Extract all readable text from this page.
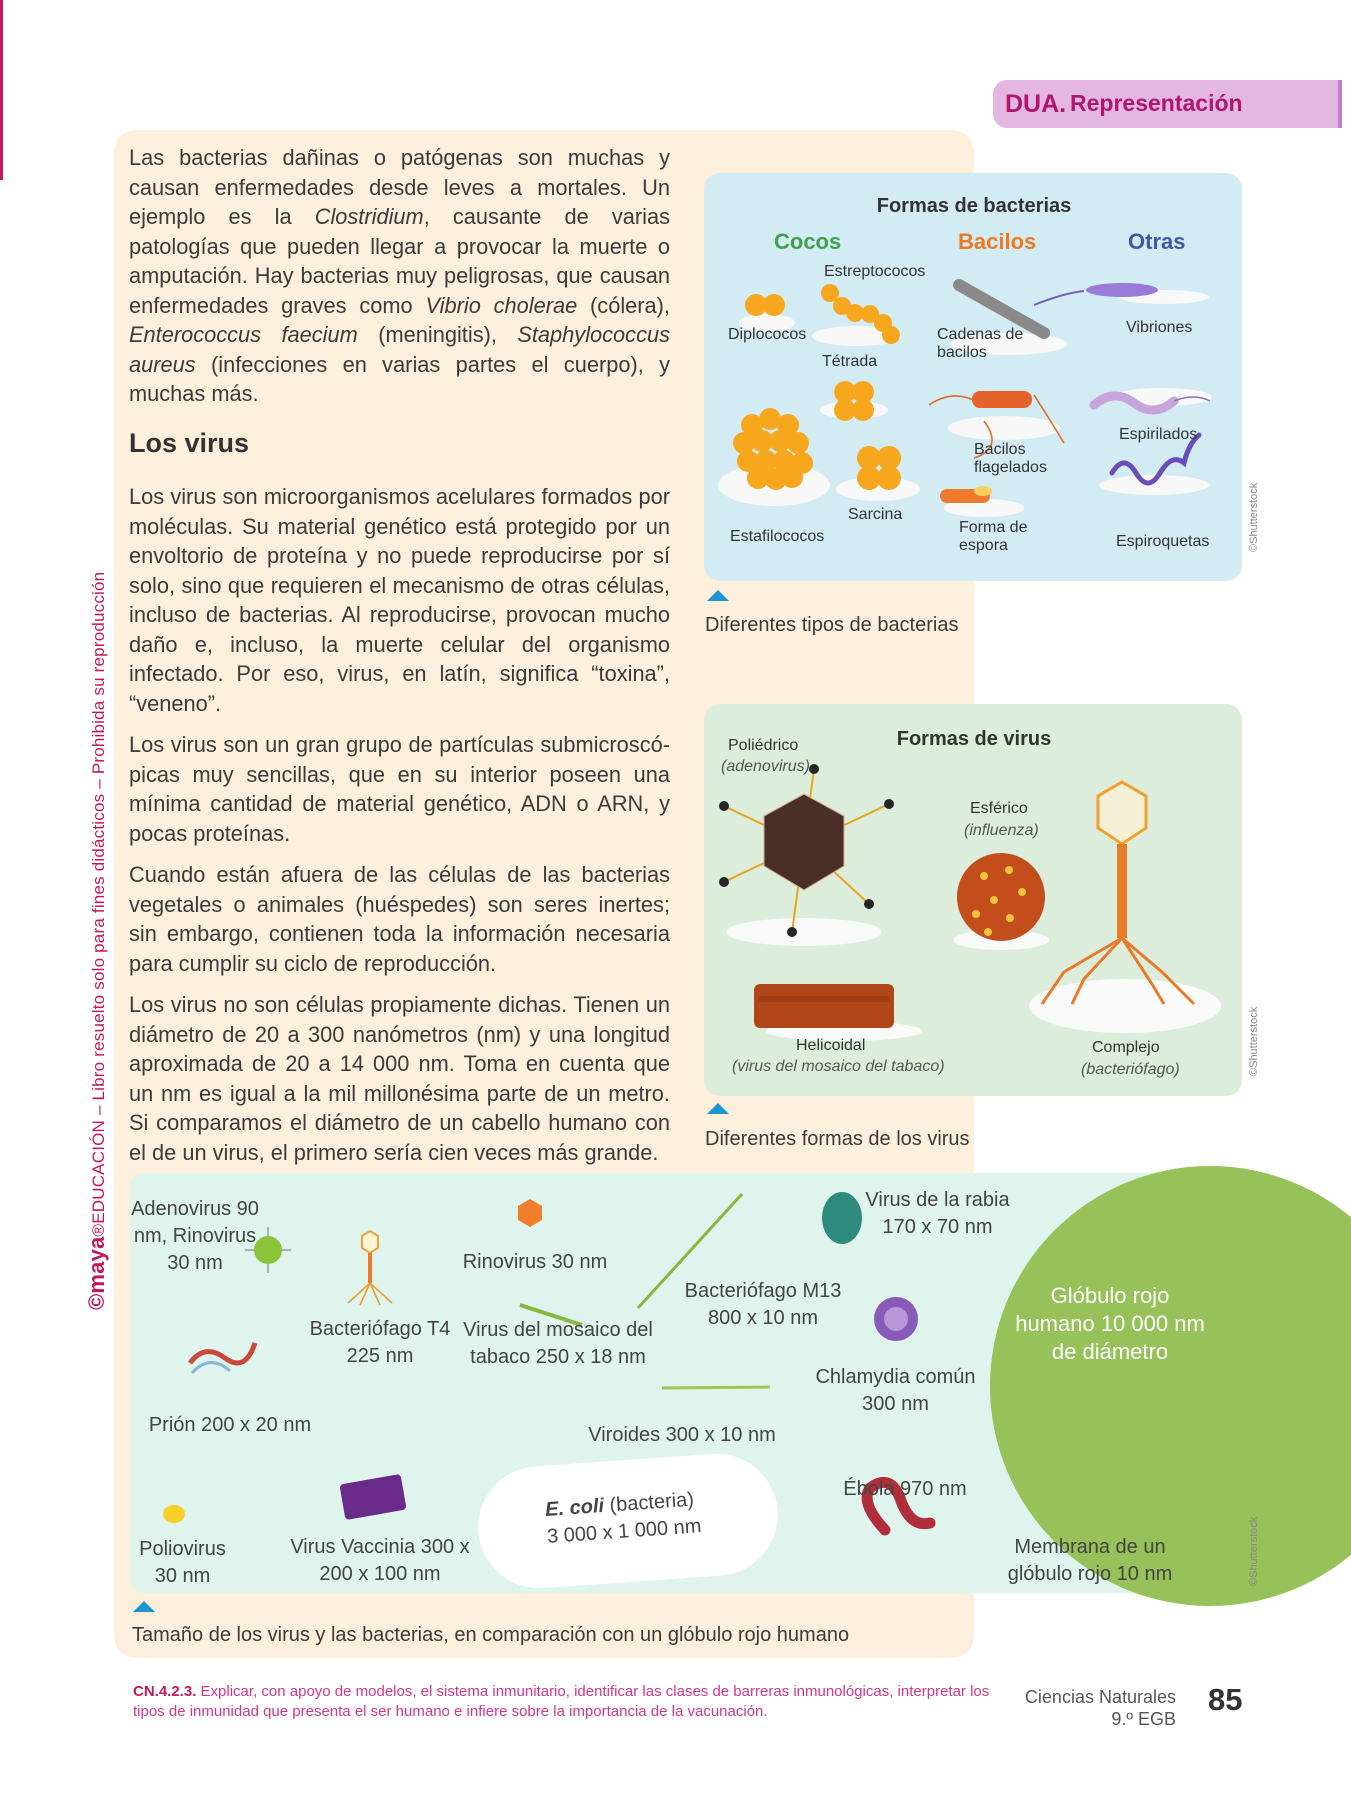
©maya®EDUCACIÓN – Libro resuelto solo para fines didácticos – Prohibida su reproducción
DUA. Representación

Las bacterias dañinas o patógenas son muchas y causan enfermedades desde leves a mortales. Un ejemplo es la Clostridium, causante de varias patologías que pueden llegar a provocar la muerte o amputación. Hay bacterias muy peligrosas, que causan enfermedades graves como Vibrio cholerae (cólera), Enterococcus faecium (meningitis), Staphylococcus aureus (infecciones en varias partes el cuerpo), y muchas más.

Los virus

Los virus son microorganismos acelulares formados por moléculas. Su material genético está protegido por un envoltorio de proteína y no puede reproducirse por sí solo, sino que requieren el mecanismo de otras células, incluso de bacterias. Al reproducirse, provocan mucho daño e, incluso, la muerte celular del organismo infectado. Por eso, virus, en latín, significa “toxina”, “veneno”.

Los virus son un gran grupo de partículas submicroscópicas muy sencillas, que en su interior poseen una mínima cantidad de material genético, ADN o ARN, y pocas proteínas.

Cuando están afuera de las células de las bacterias vegetales o animales (huéspedes) son seres inertes; sin embargo, contienen toda la información necesaria para cumplir su ciclo de reproducción.

Los virus no son células propiamente dichas. Tienen un diámetro de 20 a 300 nanómetros (nm) y una longitud aproximada de 20 a 14 000 nm. Toma en cuenta que un nm es igual a la mil millonésima parte de un metro. Si comparamos el diámetro de un cabello humano con el de un virus, el primero sería cien veces más grande.

Formas de bacterias
Cocos	Bacilos	Otras
Estreptococos
Diplococos
Tétrada
Estafilococos
Sarcina
Cadenas de bacilos
Bacilos flagelados
Forma de espora
Vibriones
Espirilados
Espiroquetas	©Shutterstock
Diferentes tipos de bacterias
Formas de virus
Poliédrico
(adenovirus)
Esférico
(influenza)
Helicoidal
(virus del mosaico del tabaco)
Complejo
(bacteriófago)	©Shutterstock
Diferentes formas de los virus
Adenovirus 90 nm, Rinovirus 30 nm
Bacteriófago T4 225 nm
Rinovirus 30 nm
Virus del mosaico del tabaco 250 x 18 nm
Bacteriófago M13 800 x 10 nm
Virus de la rabia 170 x 70 nm
Glóbulo rojo humano 10 000 nm de diámetro
Prión 200 x 20 nm
Chlamydia común 300 nm
Viroides 300 x 10 nm
E. coli (bacteria)
3 000 x 1 000 nm
Ébola 970 nm
Membrana de un glóbulo rojo 10 nm
Poliovirus 30 nm
Virus Vaccinia 300 x 200 x 100 nm	©Shutterstock
Tamaño de los virus y las bacterias, en comparación con un glóbulo rojo humano
CN.4.2.3. Explicar, con apoyo de modelos, el sistema inmunitario, identificar las clases de barreras inmunológicas, interpretar los tipos de inmunidad que presenta el ser humano e infiere sobre la importancia de la vacunación.
Ciencias Naturales
9.º EGB
85
